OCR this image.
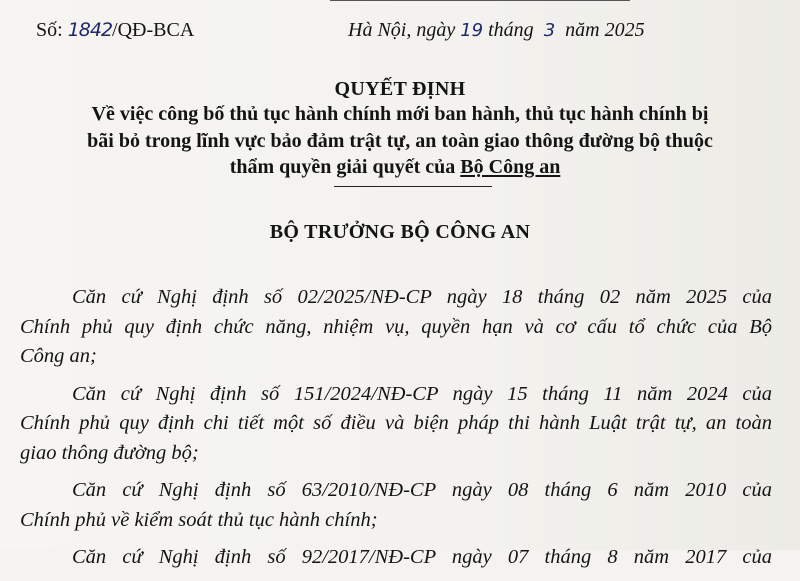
Số: 1842/QĐ-BCA	Hà Nội, ngày 19 tháng 3 năm 2025
QUYẾT ĐỊNH
Về việc công bố thủ tục hành chính mới ban hành, thủ tục hành chính bị
bãi bỏ trong lĩnh vực bảo đảm trật tự, an toàn giao thông đường bộ thuộc
thẩm quyền giải quyết của Bộ Công an
BỘ TRƯỞNG BỘ CÔNG AN

Căn cứ Nghị định số 02/2025/NĐ-CP ngày 18 tháng 02 năm 2025 của
Chính phủ quy định chức năng, nhiệm vụ, quyền hạn và cơ cấu tổ chức của Bộ
Công an;

Căn cứ Nghị định số 151/2024/NĐ-CP ngày 15 tháng 11 năm 2024 của
Chính phủ quy định chi tiết một số điều và biện pháp thi hành Luật trật tự, an toàn
giao thông đường bộ;

Căn cứ Nghị định số 63/2010/NĐ-CP ngày 08 tháng 6 năm 2010 của
Chính phủ về kiểm soát thủ tục hành chính;

Căn cứ Nghị định số 92/2017/NĐ-CP ngày 07 tháng 8 năm 2017 của
